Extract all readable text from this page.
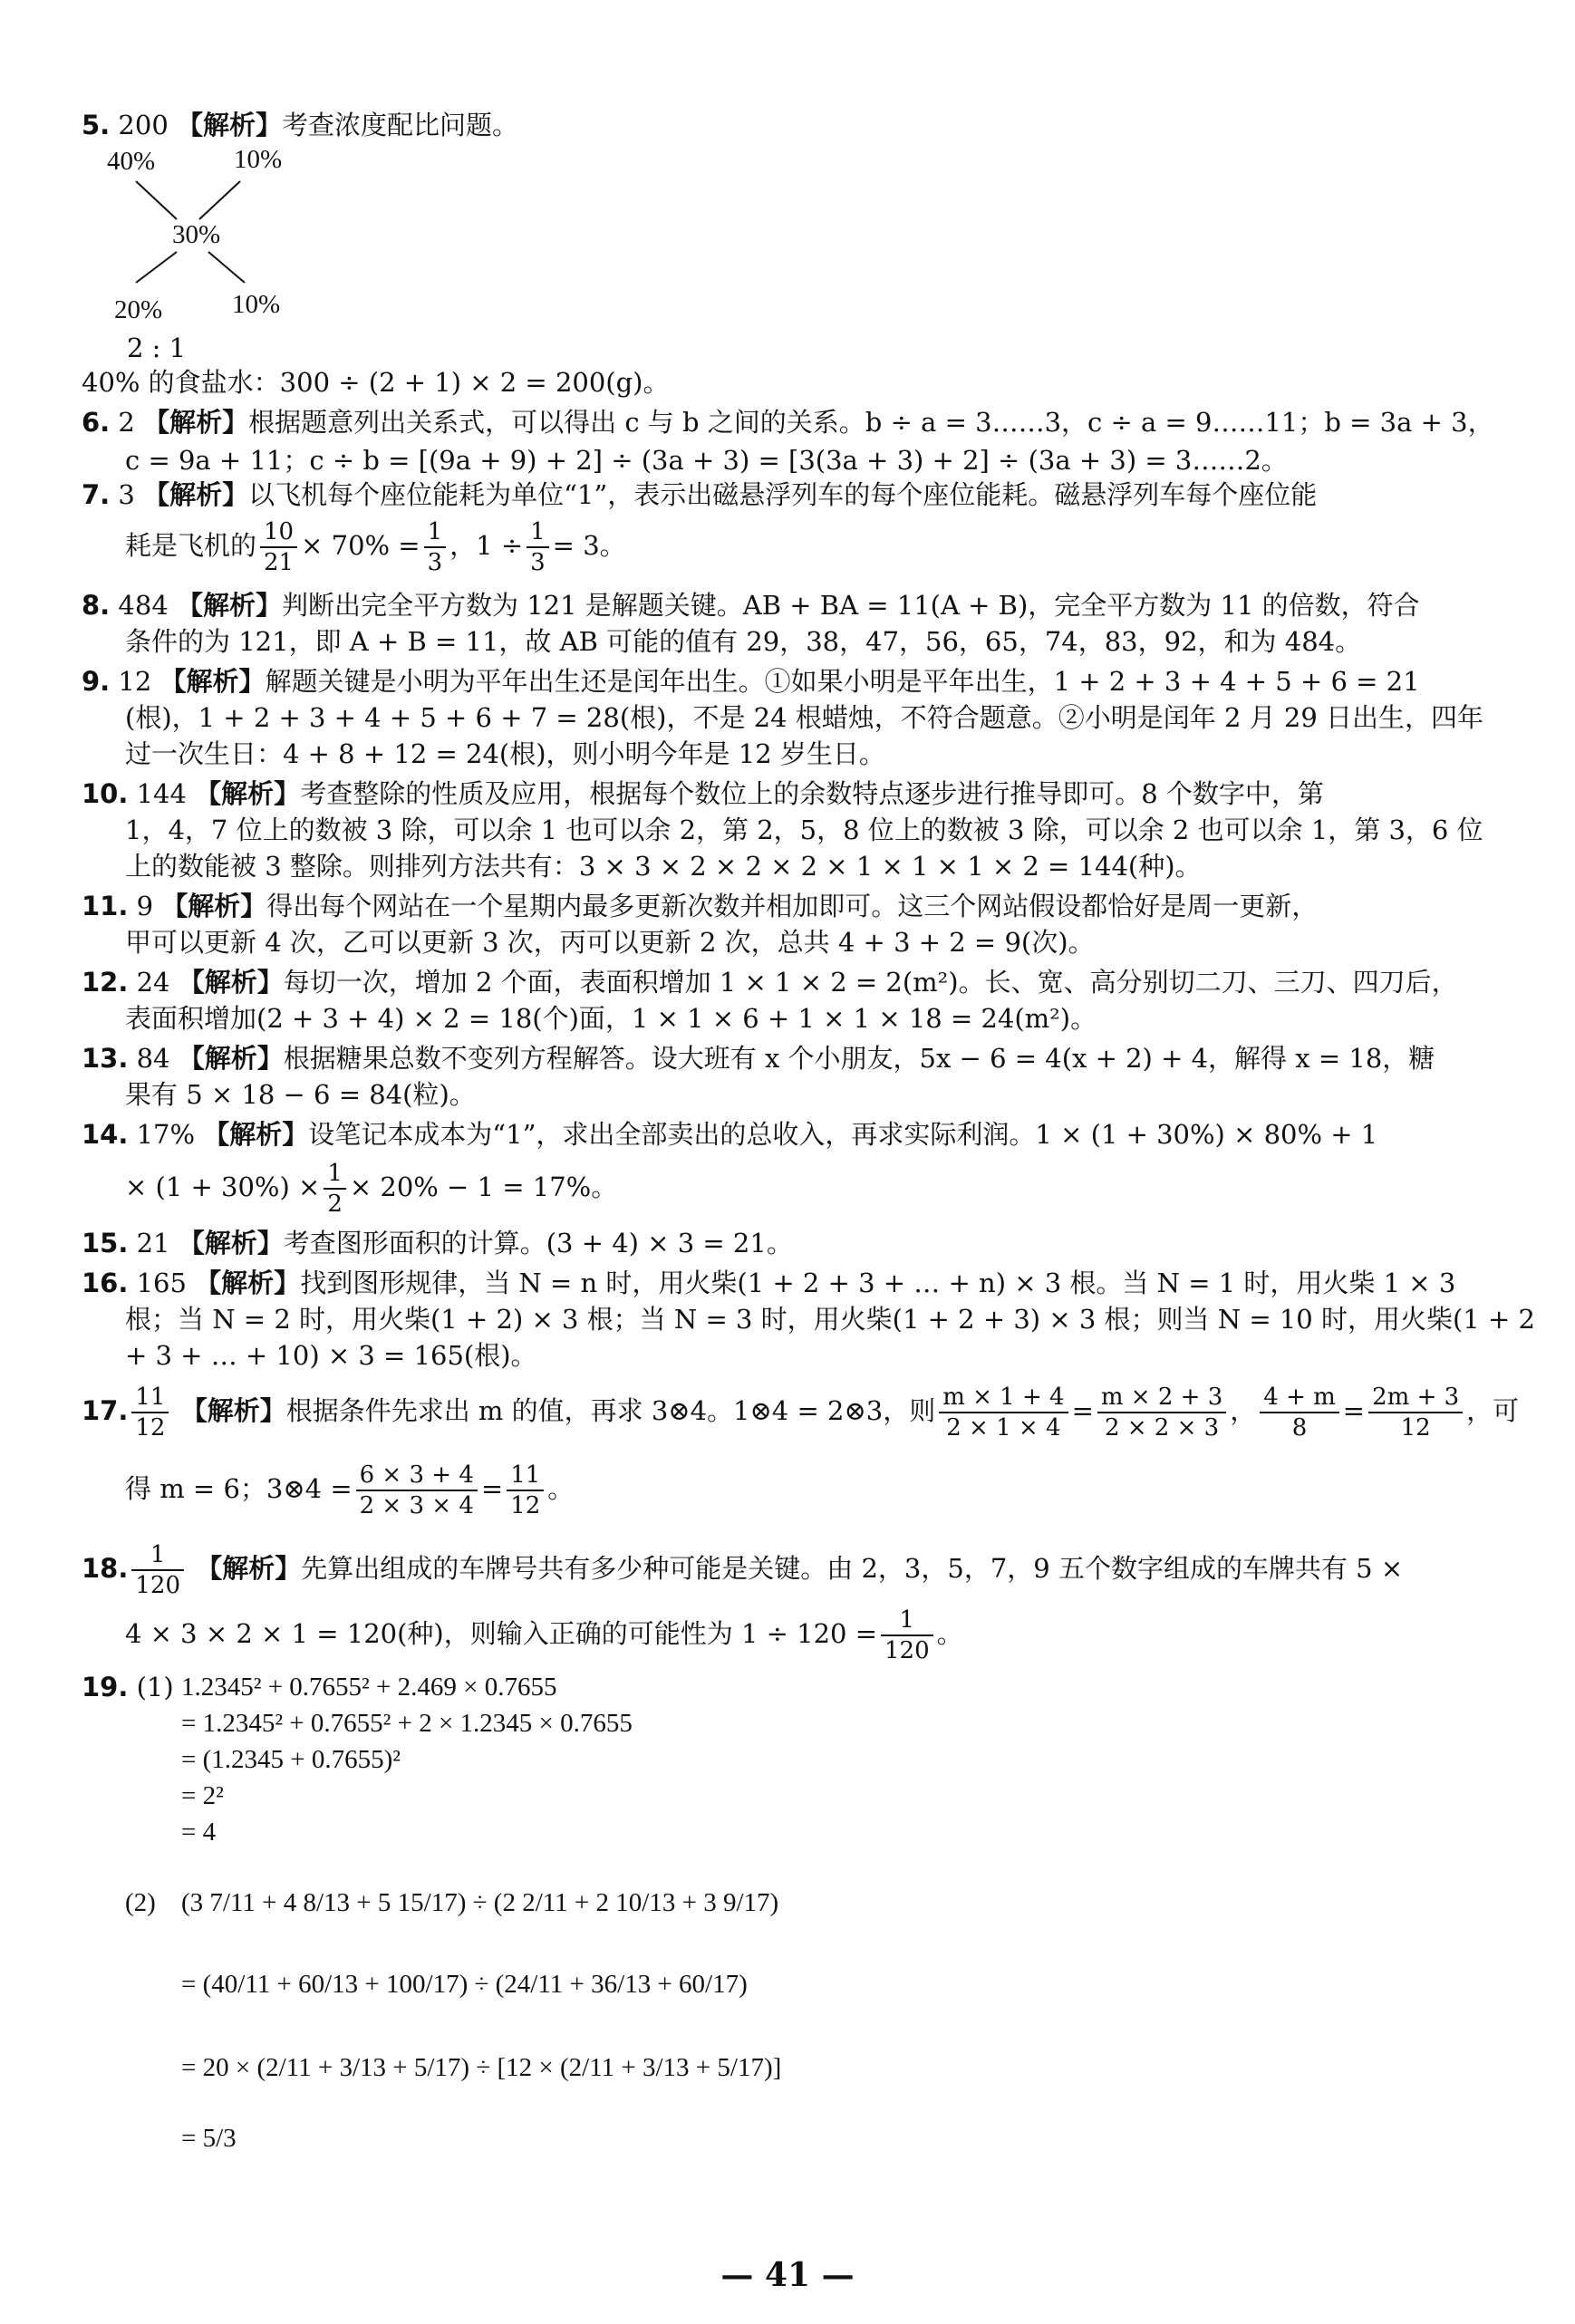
5. 200 【解析】考查浓度配比问题。
40%	10%
30%
20%	10%
2 : 1
40% 的食盐水：300 ÷ (2 + 1) × 2 = 200(g)。
6. 2 【解析】根据题意列出关系式，可以得出 c 与 b 之间的关系。b ÷ a = 3……3，c ÷ a = 9……11；b = 3a + 3，
c = 9a + 11；c ÷ b = [(9a + 9) + 2] ÷ (3a + 3) = [3(3a + 3) + 2] ÷ (3a + 3) = 3……2。
7. 3 【解析】以飞机每个座位能耗为单位“1”，表示出磁悬浮列车的每个座位能耗。磁悬浮列车每个座位能
耗是飞机的 $\frac{10}{21} \times 70\% = \frac{1}{3}$ ，$1 \div \frac{1}{3} = 3$。
8. 484 【解析】判断出完全平方数为 121 是解题关键。AB + BA = 11(A + B)，完全平方数为 11 的倍数，符合
条件的为 121，即 A + B = 11，故 AB 可能的值有 29，38，47，56，65，74，83，92，和为 484。
9. 12 【解析】解题关键是小明为平年出生还是闰年出生。①如果小明是平年出生，1 + 2 + 3 + 4 + 5 + 6 = 21
(根)，1 + 2 + 3 + 4 + 5 + 6 + 7 = 28(根)，不是 24 根蜡烛，不符合题意。②小明是闰年 2 月 29 日出生，四年
过一次生日：4 + 8 + 12 = 24(根)，则小明今年是 12 岁生日。
10. 144 【解析】考查整除的性质及应用，根据每个数位上的余数特点逐步进行推导即可。8 个数字中，第
1，4，7 位上的数被 3 除，可以余 1 也可以余 2，第 2，5，8 位上的数被 3 除，可以余 2 也可以余 1，第 3，6 位
上的数能被 3 整除。则排列方法共有：3 × 3 × 2 × 2 × 2 × 1 × 1 × 1 × 2 = 144(种)。
11. 9 【解析】得出每个网站在一个星期内最多更新次数并相加即可。这三个网站假设都恰好是周一更新，
甲可以更新 4 次，乙可以更新 3 次，丙可以更新 2 次，总共 4 + 3 + 2 = 9(次)。
12. 24 【解析】每切一次，增加 2 个面，表面积增加 1 × 1 × 2 = 2(m²)。长、宽、高分别切二刀、三刀、四刀后，
表面积增加(2 + 3 + 4) × 2 = 18(个)面，1 × 1 × 6 + 1 × 1 × 18 = 24(m²)。
13. 84 【解析】根据糖果总数不变列方程解答。设大班有 x 个小朋友，5x − 6 = 4(x + 2) + 4，解得 x = 18，糖
果有 5 × 18 − 6 = 84(粒)。
14. 17% 【解析】设笔记本成本为“1”，求出全部卖出的总收入，再求实际利润。1 × (1 + 30%) × 80% + 1
× $(1 + 30\%) \times \frac{1}{2} \times 20\% - 1 = 17\%$。
15. 21 【解析】考查图形面积的计算。(3 + 4) × 3 = 21。
16. 165 【解析】找到图形规律，当 N = n 时，用火柴(1 + 2 + 3 + … + n) × 3 根。当 N = 1 时，用火柴 1 × 3
根；当 N = 2 时，用火柴(1 + 2) × 3 根；当 N = 3 时，用火柴(1 + 2 + 3) × 3 根；则当 N = 10 时，用火柴(1 + 2
+ 3 + … + 10) × 3 = 165(根)。
17. $\frac{11}{12}$ 【解析】根据条件先求出 m 的值，再求 3⊗4。1⊗4 = 2⊗3，则 $\frac{m \times 1 + 4}{2 \times 1 \times 4} = \frac{m \times 2 + 3}{2 \times 2 \times 3}$ ， $\frac{4 + m}{8} = \frac{2m + 3}{12}$ ，可
得 m = 6；3⊗4 = $\frac{6 \times 3 + 4}{2 \times 3 \times 4} = \frac{11}{12}$ 。
18. $\frac{1}{120}$ 【解析】先算出组成的车牌号共有多少种可能是关键。由 2，3，5，7，9 五个数字组成的车牌共有 5 ×
4 × 3 × 2 × 1 = 120(种)，则输入正确的可能性为 $1 \div 120 = \frac{1}{120}$ 。
19. (1) 1.2345² + 0.7655² + 2.469 × 0.7655
= 1.2345² + 0.7655² + 2 × 1.2345 × 0.7655
= (1.2345 + 0.7655)²
= 2²
= 4
(2) (3 7/11 + 4 8/13 + 5 15/17) ÷ (2 2/11 + 2 10/13 + 3 9/17)
= (40/11 + 60/13 + 100/17) ÷ (24/11 + 36/13 + 60/17)
= 20 × (2/11 + 3/13 + 5/17) ÷ [12 × (2/11 + 3/13 + 5/17)]
= 5/3
— 41 —
